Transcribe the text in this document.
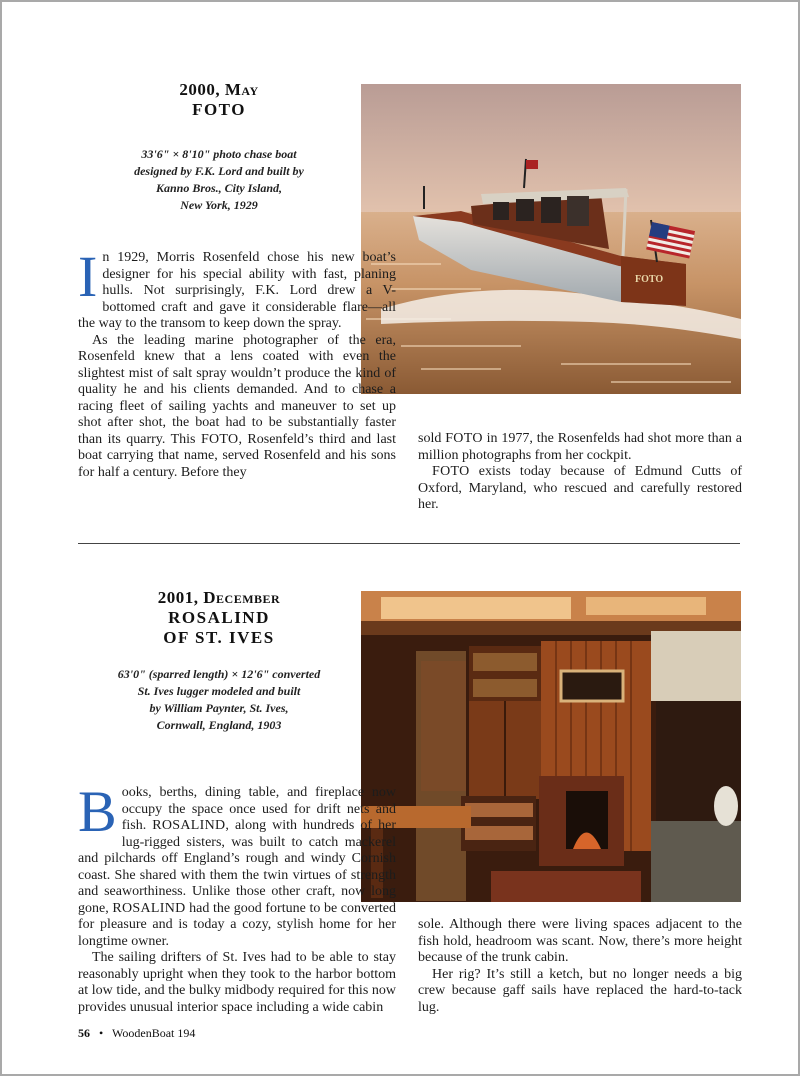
2000, May
FOTO
33'6" × 8'10" photo chase boat
designed by F.K. Lord and built by
Kanno Bros., City Island,
New York, 1929
FOTO

In 1929, Morris Rosenfeld chose his new boat’s designer for his special ability with fast, planing hulls. Not surprisingly, F.K. Lord drew a V-bottomed craft and gave it considerable flare—all the way to the transom to keep down the spray.

As the leading marine photographer of the era, Rosenfeld knew that a lens coated with even the slightest mist of salt spray wouldn’t produce the kind of quality he and his clients demanded. And to chase a racing fleet of sailing yachts and maneuver to set up shot after shot, the boat had to be substantially faster than its quarry. This FOTO, Rosenfeld’s third and last boat carrying that name, served Rosenfeld and his sons for half a century. Before they

sold FOTO in 1977, the Rosenfelds had shot more than a million photographs from her cockpit.

FOTO exists today because of Edmund Cutts of Oxford, Maryland, who rescued and carefully restored her.

2001, December
ROSALIND
OF ST. IVES
63'0" (sparred length) × 12'6" converted
St. Ives lugger modeled and built
by William Paynter, St. Ives,
Cornwall, England, 1903

Books, berths, dining table, and fireplace now occupy the space once used for drift nets and fish. ROSALIND, along with hundreds of her lug-rigged sisters, was built to catch mackerel and pilchards off England’s rough and windy Cornish coast. She shared with them the twin virtues of strength and seaworthiness. Unlike those other craft, now long gone, ROSALIND had the good fortune to be converted for pleasure and is today a cozy, stylish home for her longtime owner.

The sailing drifters of St. Ives had to be able to stay reasonably upright when they took to the harbor bottom at low tide, and the bulky midbody required for this now provides unusual interior space including a wide cabin

sole. Although there were living spaces adjacent to the fish hold, headroom was scant. Now, there’s more height because of the trunk cabin.

Her rig? It’s still a ketch, but no longer needs a big crew because gaff sails have replaced the hard-to-tack lug.

56 • WoodenBoat 194
